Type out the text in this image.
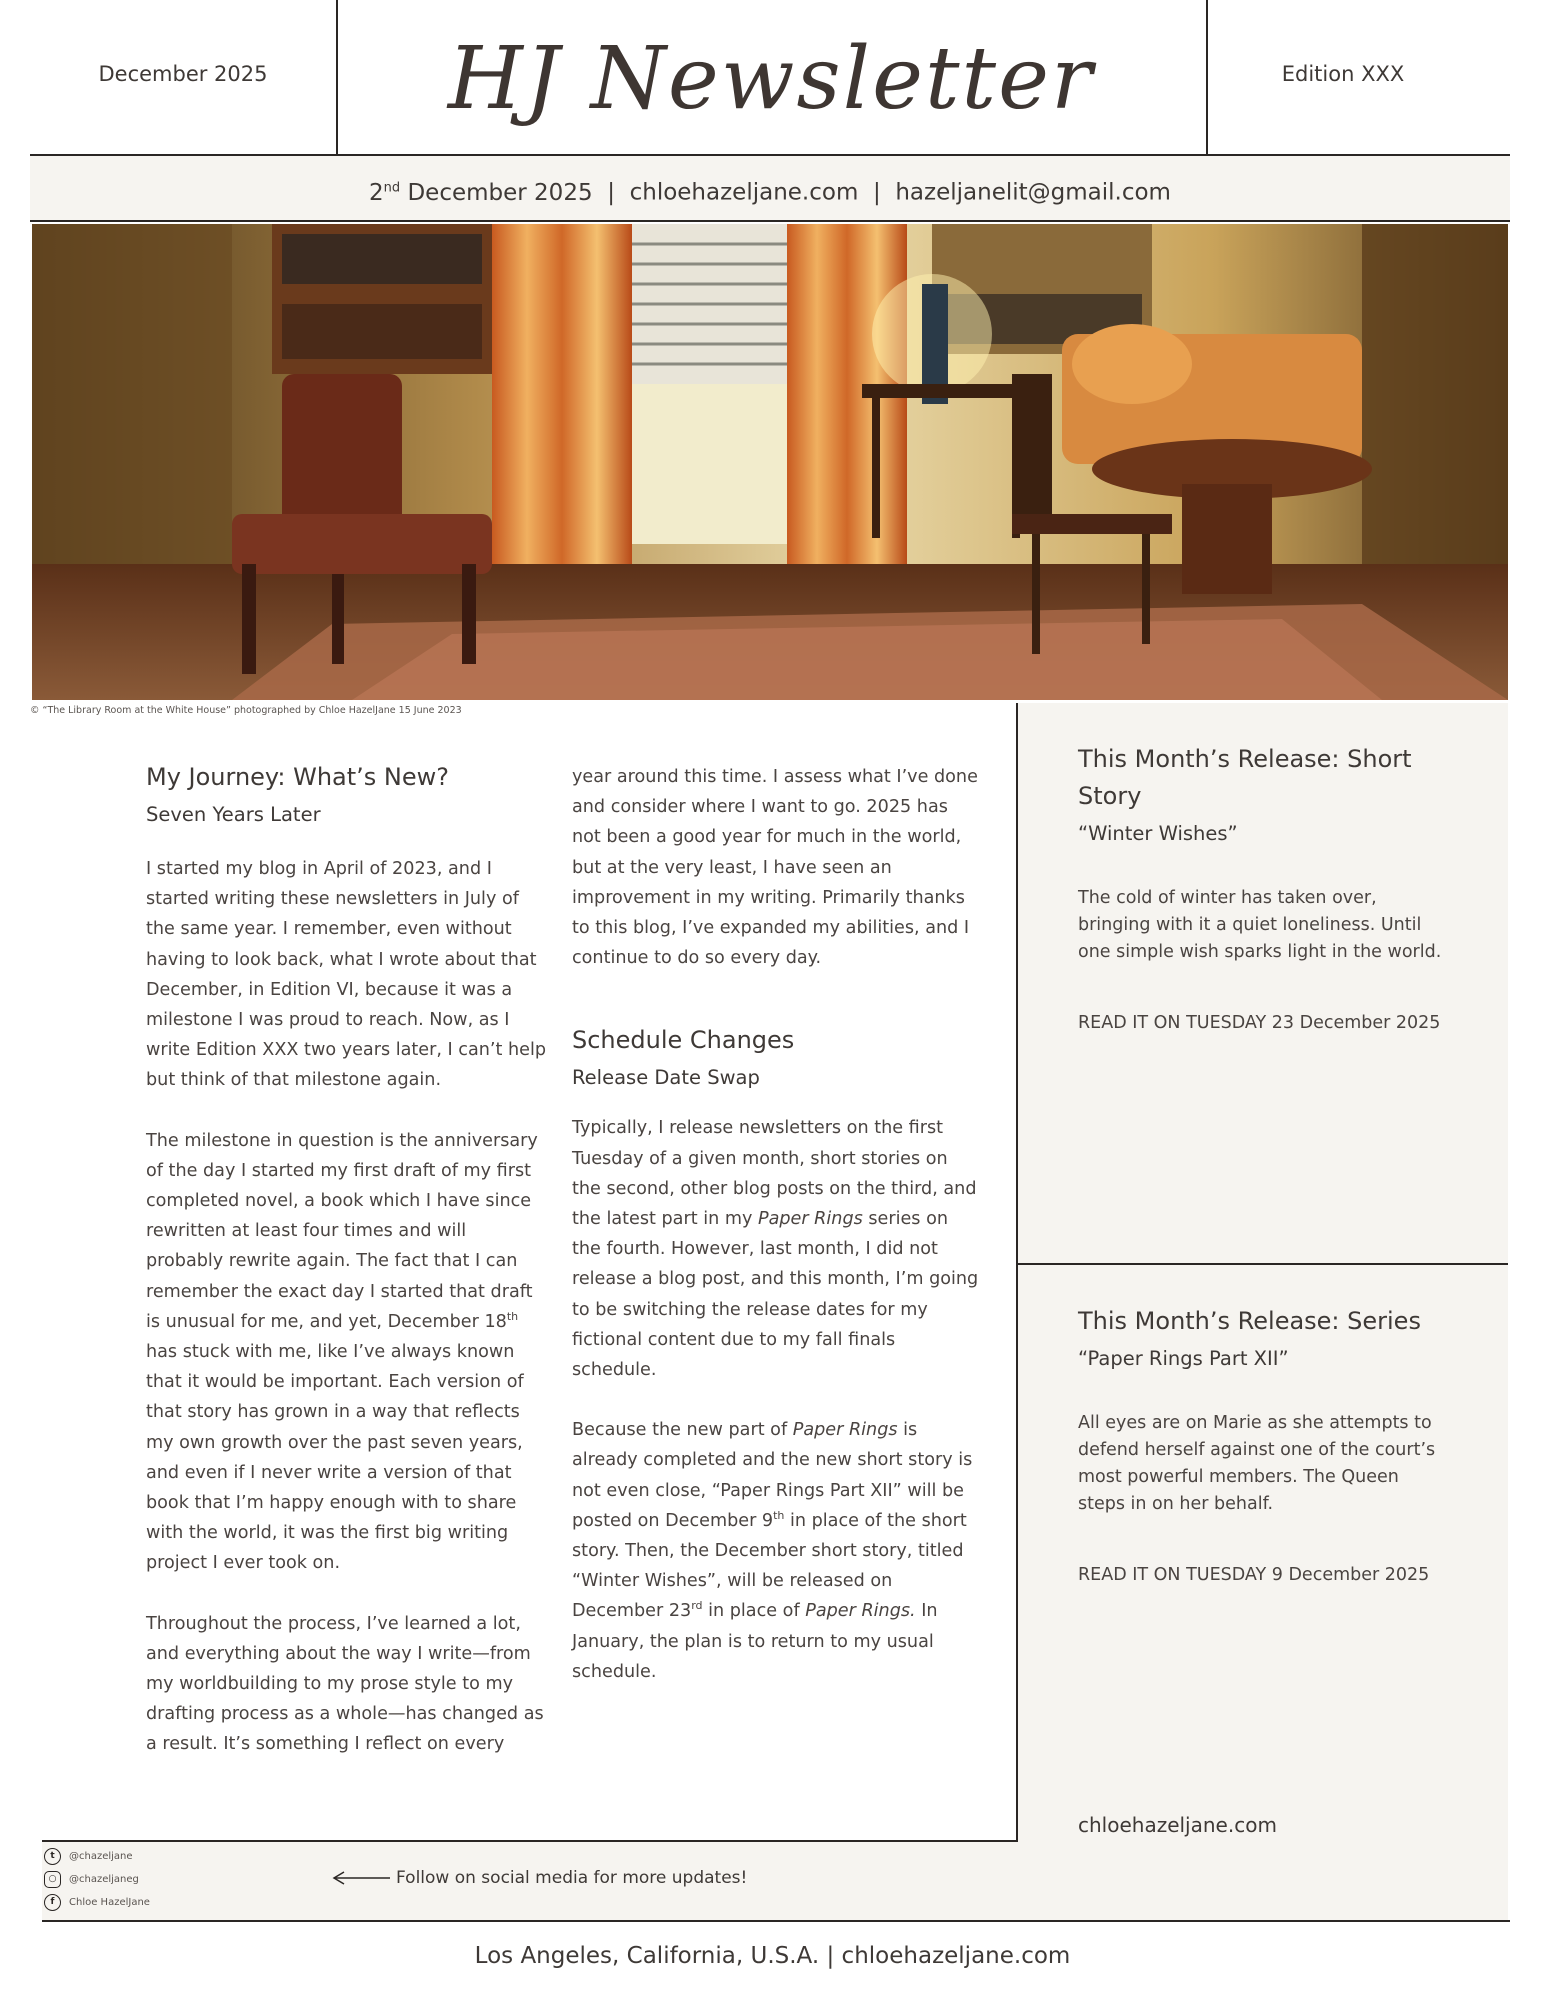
December 2025	HJ Newsletter	Edition XXX
2nd December 2025  |  chloehazeljane.com  |  hazeljanelit@gmail.com
© “The Library Room at the White House” photographed by Chloe HazelJane 15 June 2023
My Journey: What’s New?
Seven Years Later

I started my blog in April of 2023, and I started writing these newsletters in July of the same year. I remember, even without having to look back, what I wrote about that December, in Edition VI, because it was a milestone I was proud to reach. Now, as I write Edition XXX two years later, I can’t help but think of that milestone again.

The milestone in question is the anniversary of the day I started my first draft of my first completed novel, a book which I have since rewritten at least four times and will probably rewrite again. The fact that I can remember the exact day I started that draft is unusual for me, and yet, December 18th has stuck with me, like I’ve always known that it would be important. Each version of that story has grown in a way that reflects my own growth over the past seven years, and even if I never write a version of that book that I’m happy enough with to share with the world, it was the first big writing project I ever took on.

Throughout the process, I’ve learned a lot, and everything about the way I write—from my worldbuilding to my prose style to my drafting process as a whole—has changed as a result. It’s something I reflect on every

year around this time. I assess what I’ve done and consider where I want to go. 2025 has not been a good year for much in the world, but at the very least, I have seen an improvement in my writing. Primarily thanks to this blog, I’ve expanded my abilities, and I continue to do so every day.

Schedule Changes
Release Date Swap

Typically, I release newsletters on the first Tuesday of a given month, short stories on the second, other blog posts on the third, and the latest part in my Paper Rings series on the fourth. However, last month, I did not release a blog post, and this month, I’m going to be switching the release dates for my fictional content due to my fall finals schedule.

Because the new part of Paper Rings is already completed and the new short story is not even close, “Paper Rings Part XII” will be posted on December 9th in place of the short story. Then, the December short story, titled “Winter Wishes”, will be released on December 23rd in place of Paper Rings. In January, the plan is to return to my usual schedule.

This Month’s Release: Short Story
“Winter Wishes”
The cold of winter has taken over, bringing with it a quiet loneliness. Until one simple wish sparks light in the world.
READ IT ON TUESDAY 23 December 2025
This Month’s Release: Series
“Paper Rings Part XII”
All eyes are on Marie as she attempts to defend herself against one of the court’s most powerful members. The Queen steps in on her behalf.
READ IT ON TUESDAY 9 December 2025
chloehazeljane.com
t	@chazeljane
○	@chazeljaneg
f	Chloe HazelJane
Follow on social media for more updates!
Los Angeles, California, U.S.A. | chloehazeljane.com
